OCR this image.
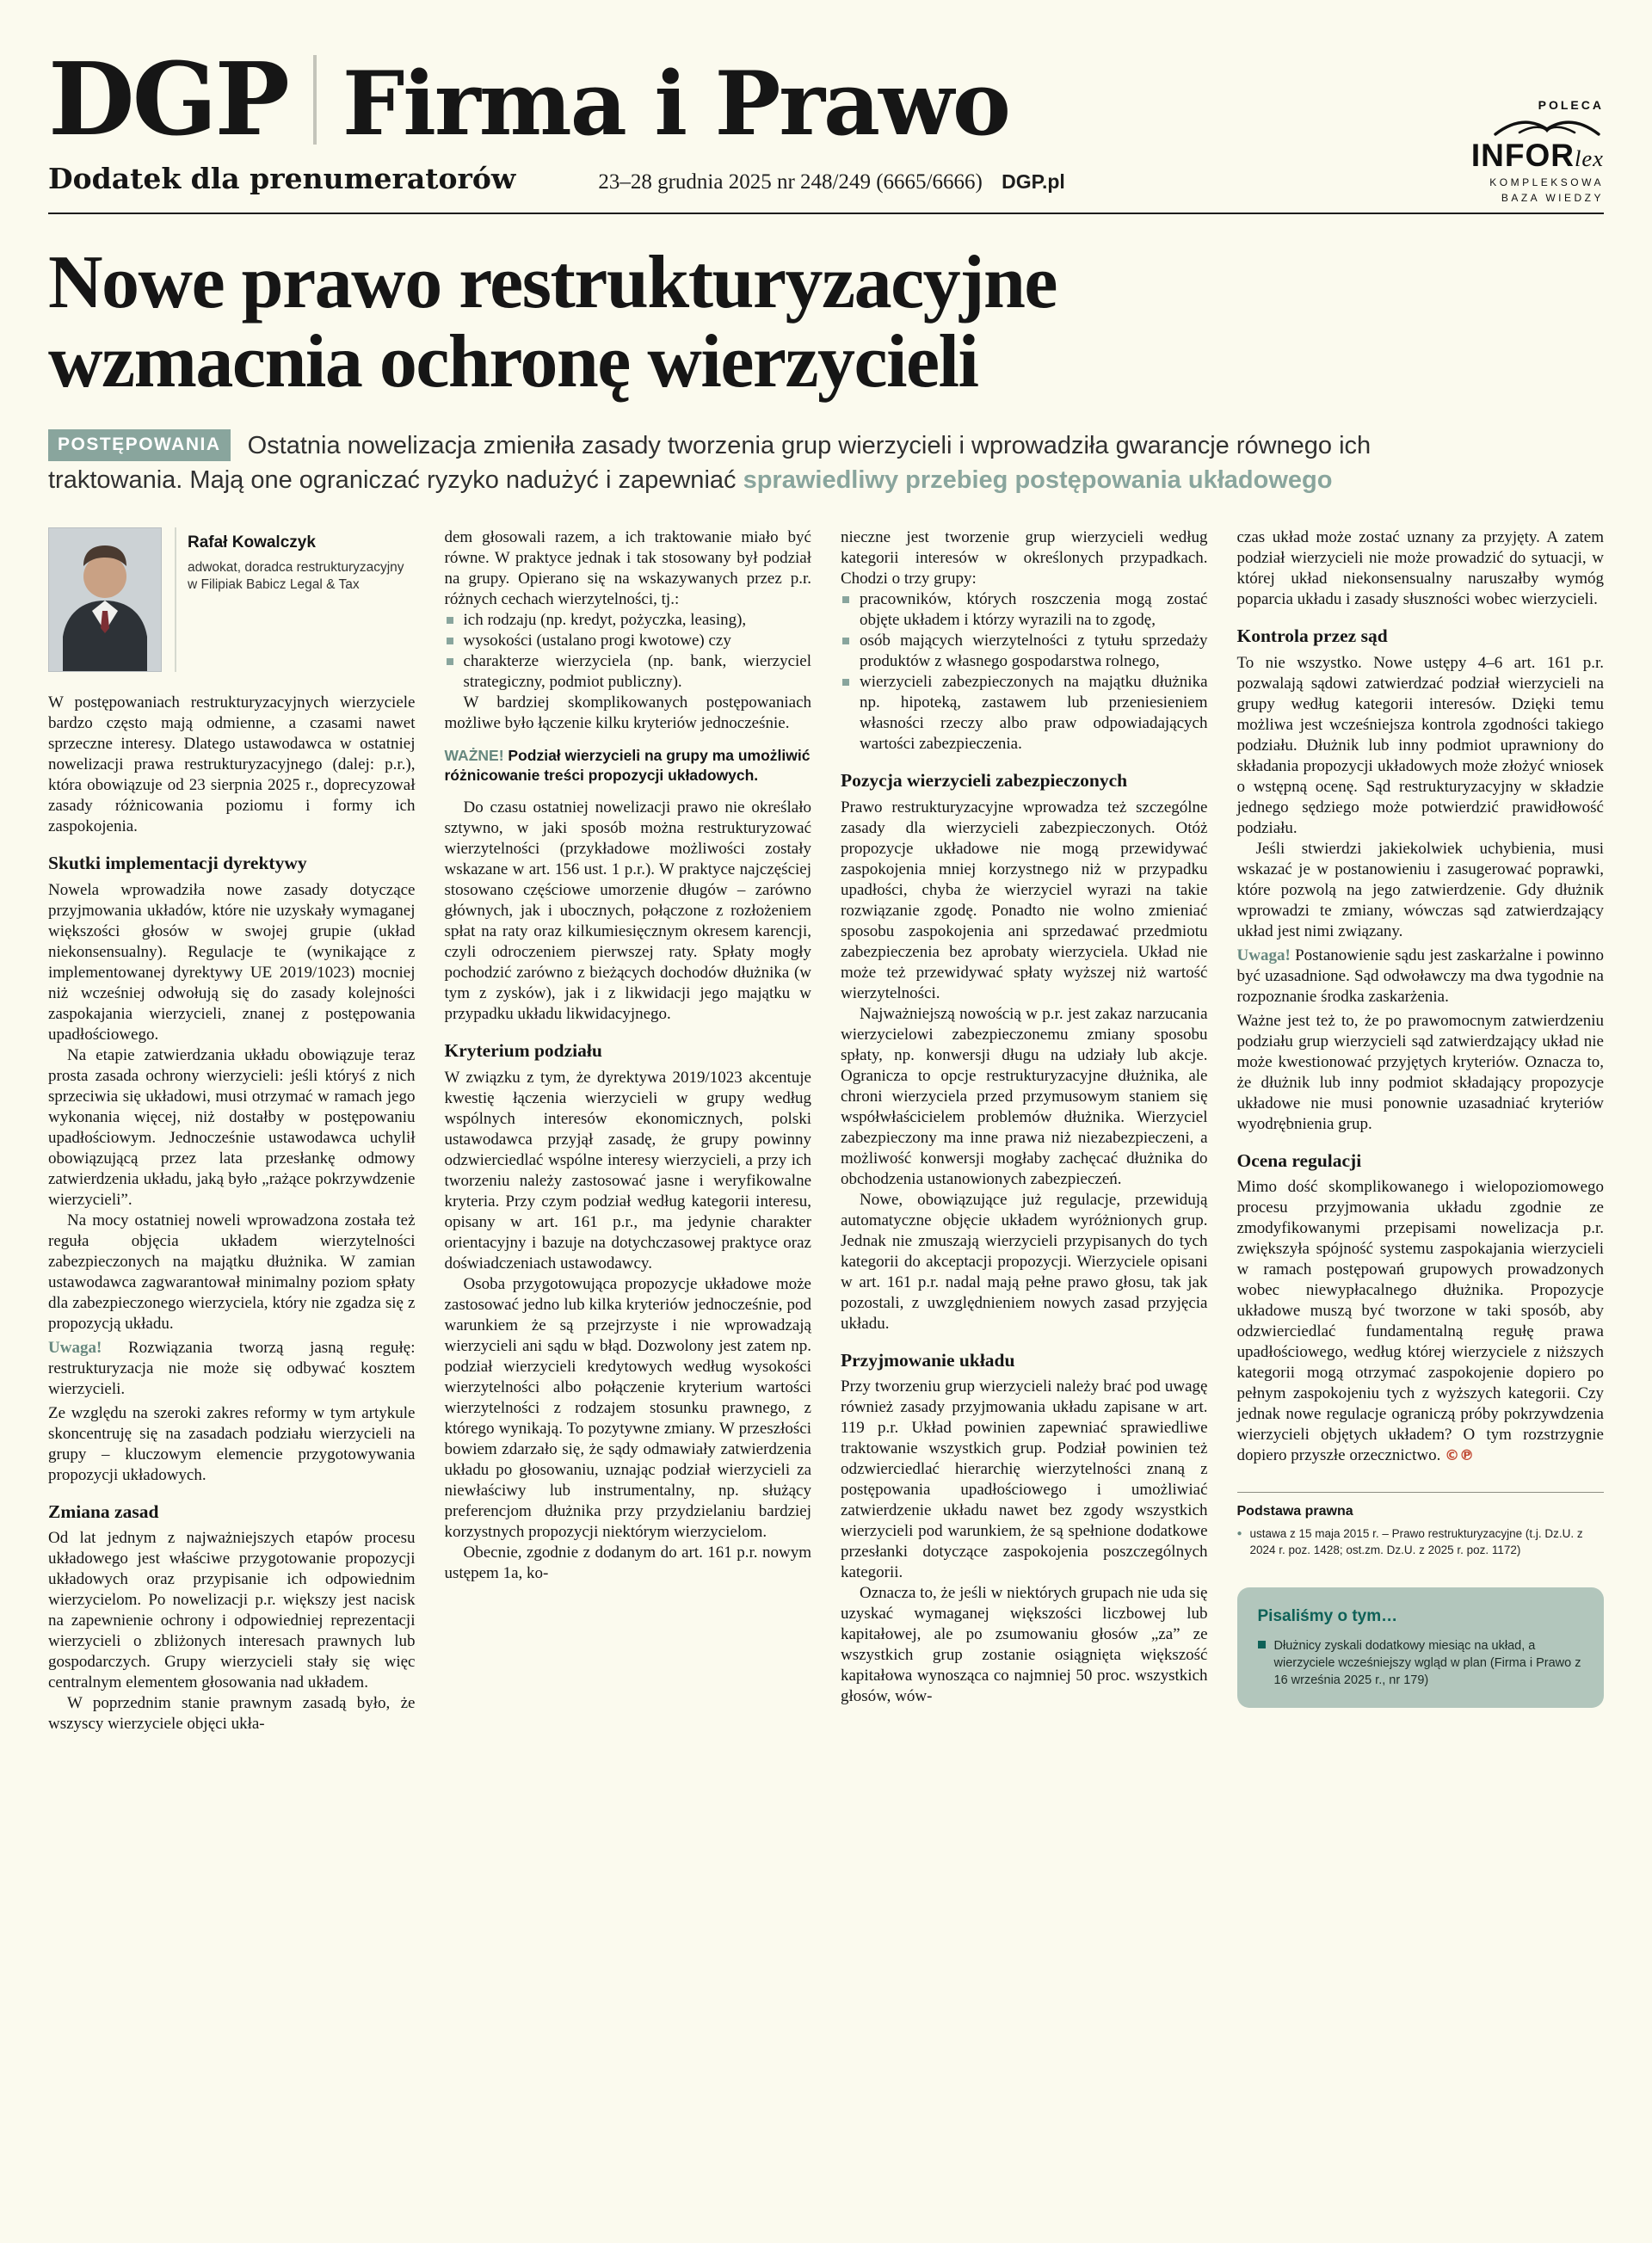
DGP Firma i Prawo
Dodatek dla prenumeratorów	23–28 grudnia 2025 nr 248/249 (6665/6666) DGP.pl
POLECA
INFORlex
KOMPLEKSOWA
BAZA WIEDZY
Nowe prawo restrukturyzacyjne wzmacnia ochronę wierzycieli
POSTĘPOWANIA Ostatnia nowelizacja zmieniła zasady tworzenia grup wierzycieli i wprowadziła gwarancje równego ich traktowania. Mają one ograniczać ryzyko nadużyć i zapewniać sprawiedliwy przebieg postępowania układowego
Rafał Kowalczyk
adwokat, doradca restrukturyzacyjny w Filipiak Babicz Legal & Tax

W postępowaniach restrukturyzacyjnych wierzyciele bardzo często mają odmienne, a czasami nawet sprzeczne interesy. Dlatego ustawodawca w ostatniej nowelizacji prawa restrukturyzacyjnego (dalej: p.r.), która obowiązuje od 23 sierpnia 2025 r., doprecyzował zasady różnicowania poziomu i formy ich zaspokojenia.

Skutki implementacji dyrektywy

Nowela wprowadziła nowe zasady dotyczące przyjmowania układów, które nie uzyskały wymaganej większości głosów w swojej grupie (układ niekonsensualny). Regulacje te (wynikające z implementowanej dyrektywy UE 2019/1023) mocniej niż wcześniej odwołują się do zasady kolejności zaspokajania wierzycieli, znanej z postępowania upadłościowego.

Na etapie zatwierdzania układu obowiązuje teraz prosta zasada ochrony wierzycieli: jeśli któryś z nich sprzeciwia się układowi, musi otrzymać w ramach jego wykonania więcej, niż dostałby w postępowaniu upadłościowym. Jednocześnie ustawodawca uchylił obowiązującą przez lata przesłankę odmowy zatwierdzenia układu, jaką było „rażące pokrzywdzenie wierzycieli”.

Na mocy ostatniej noweli wprowadzona została też reguła objęcia układem wierzytelności zabezpieczonych na majątku dłużnika. W zamian ustawodawca zagwarantował minimalny poziom spłaty dla zabezpieczonego wierzyciela, który nie zgadza się z propozycją układu.

Uwaga! Rozwiązania tworzą jasną regułę: restrukturyzacja nie może się odbywać kosztem wierzycieli.

Ze względu na szeroki zakres reformy w tym artykule skoncentruję się na zasadach podziału wierzycieli na grupy – kluczowym elemencie przygotowywania propozycji układowych.

Zmiana zasad

Od lat jednym z najważniejszych etapów procesu układowego jest właściwe przygotowanie propozycji układowych oraz przypisanie ich odpowiednim wierzycielom. Po nowelizacji p.r. większy jest nacisk na zapewnienie ochrony i odpowiedniej reprezentacji wierzycieli o zbliżonych interesach prawnych lub gospodarczych. Grupy wierzycieli stały się więc centralnym elementem głosowania nad układem.

W poprzednim stanie prawnym zasadą było, że wszyscy wierzyciele objęci ukła-

dem głosowali razem, a ich traktowanie miało być równe. W praktyce jednak i tak stosowany był podział na grupy. Opierano się na wskazywanych przez p.r. różnych cechach wierzytelności, tj.:

ich rodzaju (np. kredyt, pożyczka, leasing),

wysokości (ustalano progi kwotowe) czy

charakterze wierzyciela (np. bank, wierzyciel strategiczny, podmiot publiczny).

W bardziej skomplikowanych postępowaniach możliwe było łączenie kilku kryteriów jednocześnie.

WAŻNE! Podział wierzycieli na grupy ma umożliwić różnicowanie treści propozycji układowych.

Do czasu ostatniej nowelizacji prawo nie określało sztywno, w jaki sposób można restrukturyzować wierzytelności (przykładowe możliwości zostały wskazane w art. 156 ust. 1 p.r.). W praktyce najczęściej stosowano częściowe umorzenie długów – zarówno głównych, jak i ubocznych, połączone z rozłożeniem spłat na raty oraz kilkumiesięcznym okresem karencji, czyli odroczeniem pierwszej raty. Spłaty mogły pochodzić zarówno z bieżących dochodów dłużnika (w tym z zysków), jak i z likwidacji jego majątku w przypadku układu likwidacyjnego.

Kryterium podziału

W związku z tym, że dyrektywa 2019/1023 akcentuje kwestię łączenia wierzycieli w grupy według wspólnych interesów ekonomicznych, polski ustawodawca przyjął zasadę, że grupy powinny odzwierciedlać wspólne interesy wierzycieli, a przy ich tworzeniu należy zastosować jasne i weryfikowalne kryteria. Przy czym podział według kategorii interesu, opisany w art. 161 p.r., ma jedynie charakter orientacyjny i bazuje na dotychczasowej praktyce oraz doświadczeniach ustawodawcy.

Osoba przygotowująca propozycje układowe może zastosować jedno lub kilka kryteriów jednocześnie, pod warunkiem że są przejrzyste i nie wprowadzają wierzycieli ani sądu w błąd. Dozwolony jest zatem np. podział wierzycieli kredytowych według wysokości wierzytelności albo połączenie kryterium wartości wierzytelności z rodzajem stosunku prawnego, z którego wynikają. To pozytywne zmiany. W przeszłości bowiem zdarzało się, że sądy odmawiały zatwierdzenia układu po głosowaniu, uznając podział wierzycieli za niewłaściwy lub instrumentalny, np. służący preferencjom dłużnika przy przydzielaniu bardziej korzystnych propozycji niektórym wierzycielom.

Obecnie, zgodnie z dodanym do art. 161 p.r. nowym ustępem 1a, ko-

nieczne jest tworzenie grup wierzycieli według kategorii interesów w określonych przypadkach. Chodzi o trzy grupy:

pracowników, których roszczenia mogą zostać objęte układem i którzy wyrazili na to zgodę,

osób mających wierzytelności z tytułu sprzedaży produktów z własnego gospodarstwa rolnego,

wierzycieli zabezpieczonych na majątku dłużnika np. hipoteką, zastawem lub przeniesieniem własności rzeczy albo praw odpowiadających wartości zabezpieczenia.

Pozycja wierzycieli zabezpieczonych

Prawo restrukturyzacyjne wprowadza też szczególne zasady dla wierzycieli zabezpieczonych. Otóż propozycje układowe nie mogą przewidywać zaspokojenia mniej korzystnego niż w przypadku upadłości, chyba że wierzyciel wyrazi na takie rozwiązanie zgodę. Ponadto nie wolno zmieniać sposobu zaspokojenia ani sprzedawać przedmiotu zabezpieczenia bez aprobaty wierzyciela. Układ nie może też przewidywać spłaty wyższej niż wartość wierzytelności.

Najważniejszą nowością w p.r. jest zakaz narzucania wierzycielowi zabezpieczonemu zmiany sposobu spłaty, np. konwersji długu na udziały lub akcje. Ogranicza to opcje restrukturyzacyjne dłużnika, ale chroni wierzyciela przed przymusowym staniem się współwłaścicielem problemów dłużnika. Wierzyciel zabezpieczony ma inne prawa niż niezabezpieczeni, a możliwość konwersji mogłaby zachęcać dłużnika do obchodzenia ustanowionych zabezpieczeń.

Nowe, obowiązujące już regulacje, przewidują automatyczne objęcie układem wyróżnionych grup. Jednak nie zmuszają wierzycieli przypisanych do tych kategorii do akceptacji propozycji. Wierzyciele opisani w art. 161 p.r. nadal mają pełne prawo głosu, tak jak pozostali, z uwzględnieniem nowych zasad przyjęcia układu.

Przyjmowanie układu

Przy tworzeniu grup wierzycieli należy brać pod uwagę również zasady przyjmowania układu zapisane w art. 119 p.r. Układ powinien zapewniać sprawiedliwe traktowanie wszystkich grup. Podział powinien też odzwierciedlać hierarchię wierzytelności znaną z postępowania upadłościowego i umożliwiać zatwierdzenie układu nawet bez zgody wszystkich wierzycieli pod warunkiem, że są spełnione dodatkowe przesłanki dotyczące zaspokojenia poszczególnych kategorii.

Oznacza to, że jeśli w niektórych grupach nie uda się uzyskać wymaganej większości liczbowej lub kapitałowej, ale po zsumowaniu głosów „za” ze wszystkich grup zostanie osiągnięta większość kapitałowa wynosząca co najmniej 50 proc. wszystkich głosów, wów-

czas układ może zostać uznany za przyjęty. A zatem podział wierzycieli nie może prowadzić do sytuacji, w której układ niekonsensualny naruszałby wymóg poparcia układu i zasady słuszności wobec wierzycieli.

Kontrola przez sąd

To nie wszystko. Nowe ustępy 4–6 art. 161 p.r. pozwalają sądowi zatwierdzać podział wierzycieli na grupy według kategorii interesów. Dzięki temu możliwa jest wcześniejsza kontrola zgodności takiego podziału. Dłużnik lub inny podmiot uprawniony do składania propozycji układowych może złożyć wniosek o wstępną ocenę. Sąd restrukturyzacyjny w składzie jednego sędziego może potwierdzić prawidłowość podziału.

Jeśli stwierdzi jakiekolwiek uchybienia, musi wskazać je w postanowieniu i zasugerować poprawki, które pozwolą na jego zatwierdzenie. Gdy dłużnik wprowadzi te zmiany, wówczas sąd zatwierdzający układ jest nimi związany.

Uwaga! Postanowienie sądu jest zaskarżalne i powinno być uzasadnione. Sąd odwoławczy ma dwa tygodnie na rozpoznanie środka zaskarżenia.

Ważne jest też to, że po prawomocnym zatwierdzeniu podziału grup wierzycieli sąd zatwierdzający układ nie może kwestionować przyjętych kryteriów. Oznacza to, że dłużnik lub inny podmiot składający propozycje układowe nie musi ponownie uzasadniać kryteriów wyodrębnienia grup.

Ocena regulacji

Mimo dość skomplikowanego i wielopoziomowego procesu przyjmowania układu zgodnie ze zmodyfikowanymi przepisami nowelizacja p.r. zwiększyła spójność systemu zaspokajania wierzycieli w ramach postępowań grupowych prowadzonych wobec niewypłacalnego dłużnika. Propozycje układowe muszą być tworzone w taki sposób, aby odzwierciedlać fundamentalną regułę prawa upadłościowego, według której wierzyciele z niższych kategorii mogą otrzymać zaspokojenie dopiero po pełnym zaspokojeniu tych z wyższych kategorii. Czy jednak nowe regulacje ograniczą próby pokrzywdzenia wierzycieli objętych układem? O tym rozstrzygnie dopiero przyszłe orzecznictwo. ©℗

Podstawa prawna

● ustawa z 15 maja 2015 r. – Prawo restrukturyzacyjne (t.j. Dz.U. z 2024 r. poz. 1428; ost.zm. Dz.U. z 2025 r. poz. 1172)

Pisaliśmy o tym…

Dłużnicy zyskali dodatkowy miesiąc na układ, a wierzyciele wcześniejszy wgląd w plan (Firma i Prawo z 16 września 2025 r., nr 179)
